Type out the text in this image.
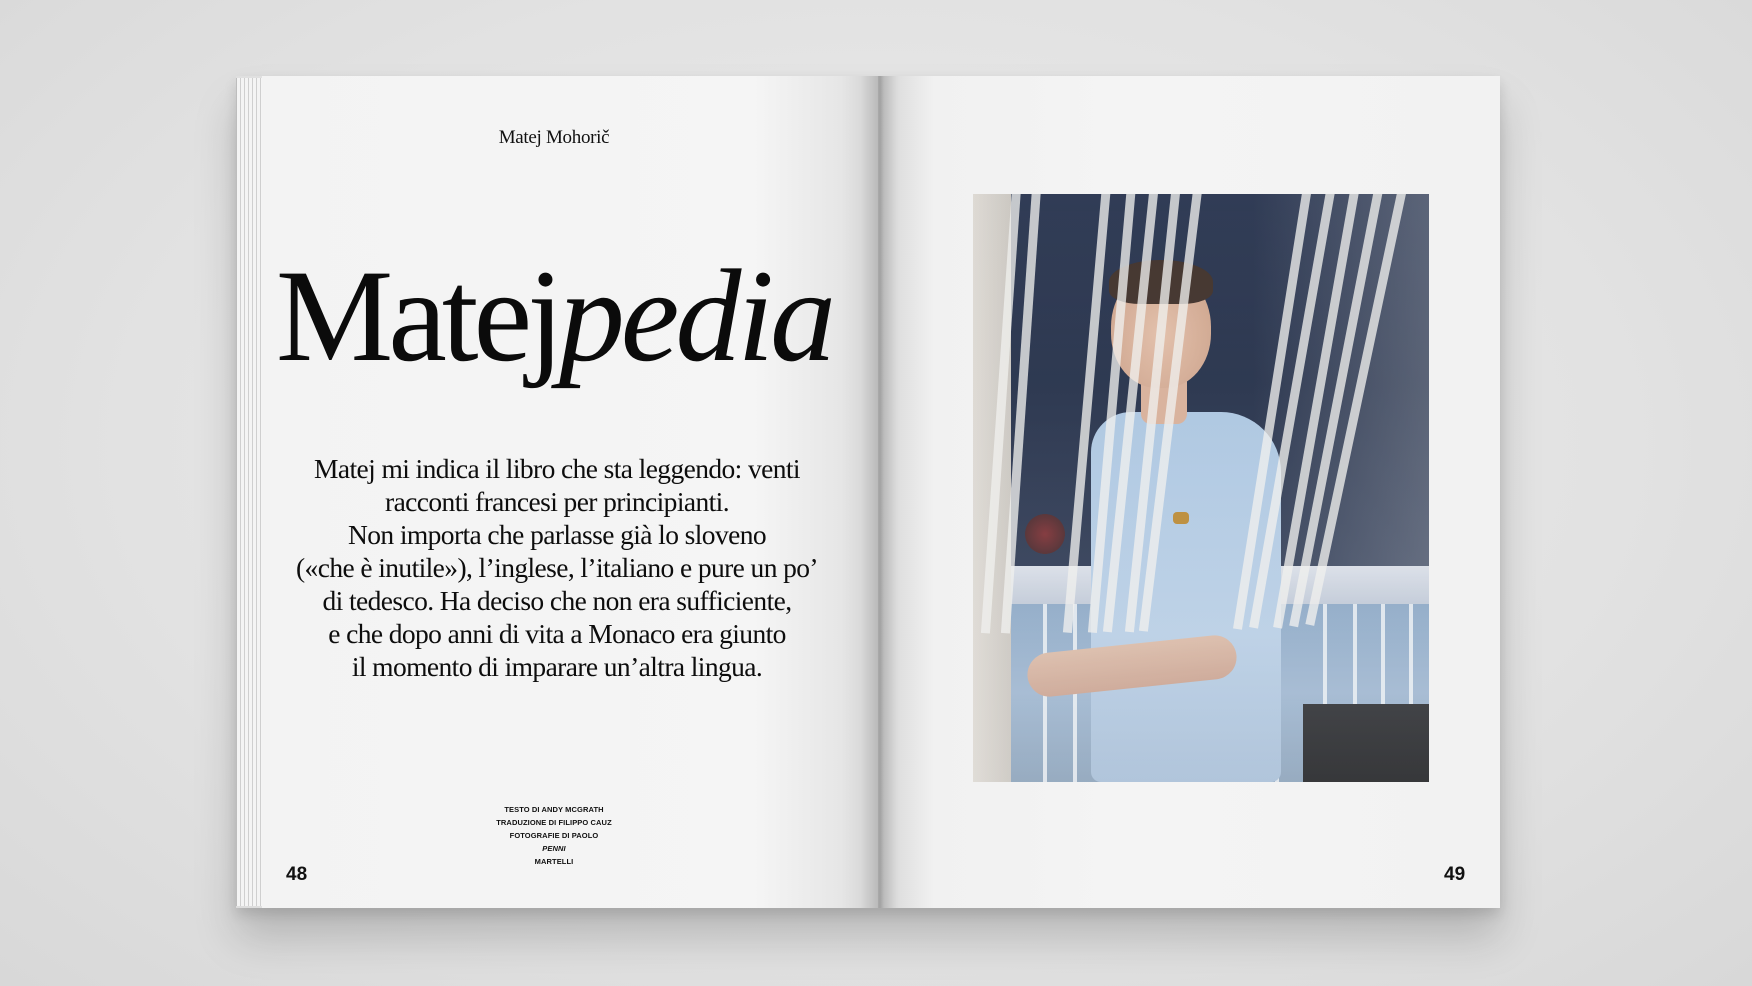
Matej Mohorič
Matejpedia
Matej mi indica il libro che sta leggendo: venti
racconti francesi per principianti.
Non importa che parlasse già lo sloveno
(«che è inutile»), l’inglese, l’italiano e pure un po’
di tedesco. Ha deciso che non era sufficiente,
e che dopo anni di vita a Monaco era giunto
il momento di imparare un’altra lingua.
TESTO DI ANDY MCGRATH
TRADUZIONE DI FILIPPO CAUZ
FOTOGRAFIE DI PAOLO
PENNI
MARTELLI
48	49
